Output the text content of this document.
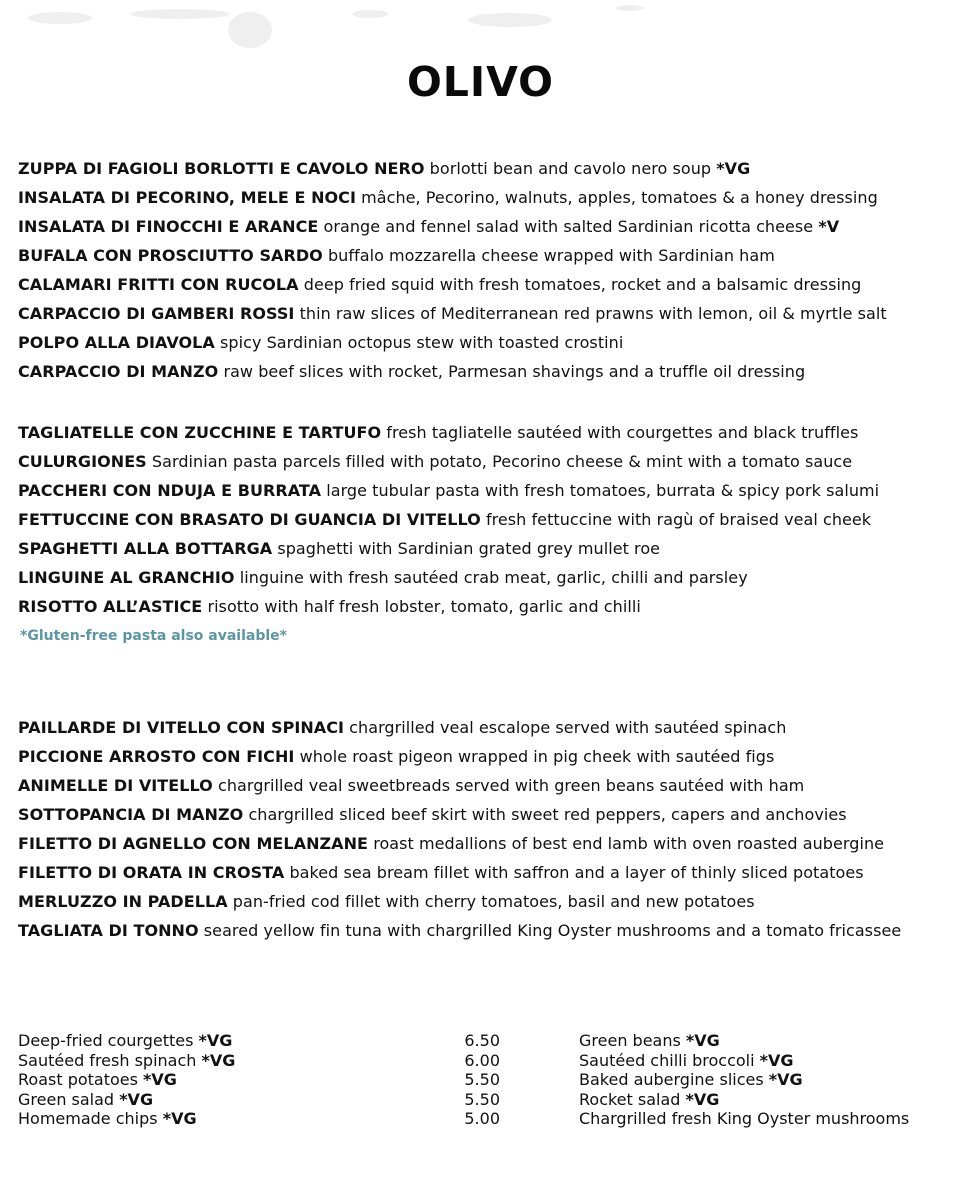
OLIVO
ZUPPA DI FAGIOLI BORLOTTI E CAVOLO NERO borlotti bean and cavolo nero soup *VG
INSALATA DI PECORINO, MELE E NOCI mâche, Pecorino, walnuts, apples, tomatoes & a honey dressing
INSALATA DI FINOCCHI E ARANCE orange and fennel salad with salted Sardinian ricotta cheese *V
BUFALA CON PROSCIUTTO SARDO buffalo mozzarella cheese wrapped with Sardinian ham
CALAMARI FRITTI CON RUCOLA deep fried squid with fresh tomatoes, rocket and a balsamic dressing
CARPACCIO DI GAMBERI ROSSI thin raw slices of Mediterranean red prawns with lemon, oil & myrtle salt
POLPO ALLA DIAVOLA spicy Sardinian octopus stew with toasted crostini
CARPACCIO DI MANZO raw beef slices with rocket, Parmesan shavings and a truffle oil dressing
TAGLIATELLE CON ZUCCHINE E TARTUFO fresh tagliatelle sautéed with courgettes and black truffles
CULURGIONES Sardinian pasta parcels filled with potato, Pecorino cheese & mint with a tomato sauce
PACCHERI CON NDUJA E BURRATA large tubular pasta with fresh tomatoes, burrata & spicy pork salumi
FETTUCCINE CON BRASATO DI GUANCIA DI VITELLO fresh fettuccine with ragù of braised veal cheek
SPAGHETTI ALLA BOTTARGA spaghetti with Sardinian grated grey mullet roe
LINGUINE AL GRANCHIO linguine with fresh sautéed crab meat, garlic, chilli and parsley
RISOTTO ALL’ASTICE risotto with half fresh lobster, tomato, garlic and chilli
*Gluten-free pasta also available*
PAILLARDE DI VITELLO CON SPINACI chargrilled veal escalope served with sautéed spinach
PICCIONE ARROSTO CON FICHI whole roast pigeon wrapped in pig cheek with sautéed figs
ANIMELLE DI VITELLO chargrilled veal sweetbreads served with green beans sautéed with ham
SOTTOPANCIA DI MANZO chargrilled sliced beef skirt with sweet red peppers, capers and anchovies
FILETTO DI AGNELLO CON MELANZANE roast medallions of best end lamb with oven roasted aubergine
FILETTO DI ORATA IN CROSTA baked sea bream fillet with saffron and a layer of thinly sliced potatoes
MERLUZZO IN PADELLA pan-fried cod fillet with cherry tomatoes, basil and new potatoes
TAGLIATA DI TONNO seared yellow fin tuna with chargrilled King Oyster mushrooms and a tomato fricassee
Deep-fried courgettes *VG	6.50	Green beans *VG
Sautéed fresh spinach *VG	6.00	Sautéed chilli broccoli *VG
Roast potatoes *VG	5.50	Baked aubergine slices *VG
Green salad *VG	5.50	Rocket salad *VG
Homemade chips *VG	5.00	Chargrilled fresh King Oyster mushrooms
